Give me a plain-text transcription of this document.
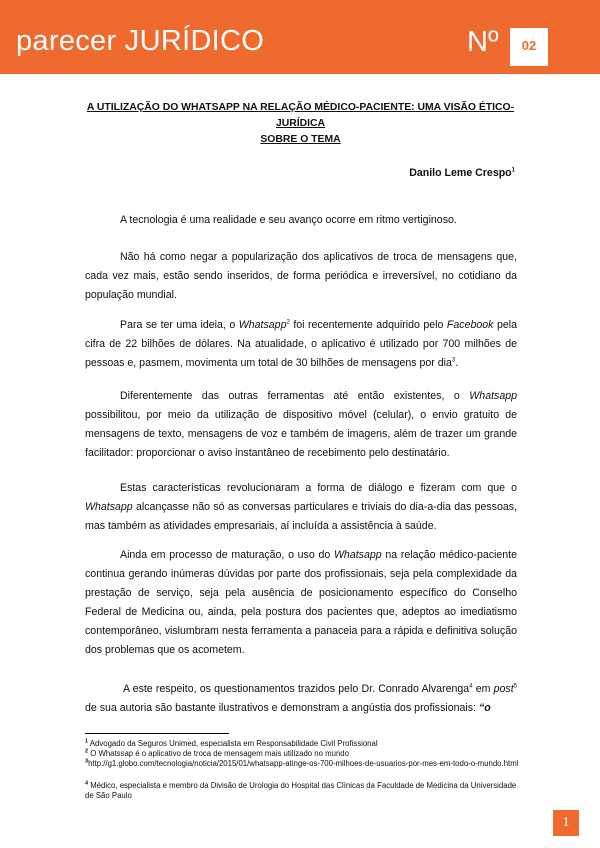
parecer JURÍDICO	Nº	02
A UTILIZAÇÃO DO WHATSAPP NA RELAÇÃO MÉDICO-PACIENTE: UMA VISÃO ÉTICO-JURÍDICA
SOBRE O TEMA
Danilo Leme Crespo$^1$
A tecnologia é uma realidade e seu avanço ocorre em ritmo vertiginoso.
Não há como negar a popularização dos aplicativos de troca de mensagens que, cada vez mais, estão sendo inseridos, de forma periódica e irreversível, no cotidiano da população mundial.
Para se ter uma ideia, o Whatsapp$^2$ foi recentemente adquirido pelo Facebook pela cifra de 22 bilhões de dólares. Na atualidade, o aplicativo é utilizado por 700 milhões de pessoas e, pasmem, movimenta um total de 30 bilhões de mensagens por dia$^3$.
Diferentemente das outras ferramentas até então existentes, o Whatsapp possibilitou, por meio da utilização de dispositivo móvel (celular), o envio gratuito de mensagens de texto, mensagens de voz e também de imagens, além de trazer um grande facilitador: proporcionar o aviso instantâneo de recebimento pelo destinatário.
Estas características revolucionaram a forma de diálogo e fizeram com que o Whatsapp alcançasse não só as conversas particulares e triviais do dia-a-dia das pessoas, mas também as atividades empresariais, aí incluída a assistência à saúde.
Ainda em processo de maturação, o uso do Whatsapp na relação médico-paciente continua gerando inúmeras dúvidas por parte dos profissionais, seja pela complexidade da prestação de serviço, seja pela ausência de posicionamento específico do Conselho Federal de Medicina ou, ainda, pela postura dos pacientes que, adeptos ao imediatismo contemporâneo, vislumbram nesta ferramenta a panaceia para a rápida e definitiva solução dos problemas que os acometem.
A este respeito, os questionamentos trazidos pelo Dr. Conrado Alvarenga$^4$ em post$^5$ de sua autoria são bastante ilustrativos e demonstram a angústia dos profissionais: “o
$^1$ Advogado da Seguros Unimed, especialista em Responsabilidade Civil Profissional
$^2$ O Whatssap é o aplicativo de troca de mensagem mais utilizado no mundo
$^3$http://g1.globo.com/tecnologia/noticia/2015/01/whatsapp-atinge-os-700-milhoes-de-usuarios-por-mes-em-todo-o-mundo.html
$^4$ Médico, especialista e membro da Divisão de Urologia do Hospital das Clínicas da Faculdade de Medicina da Universidade de São Paulo
1
